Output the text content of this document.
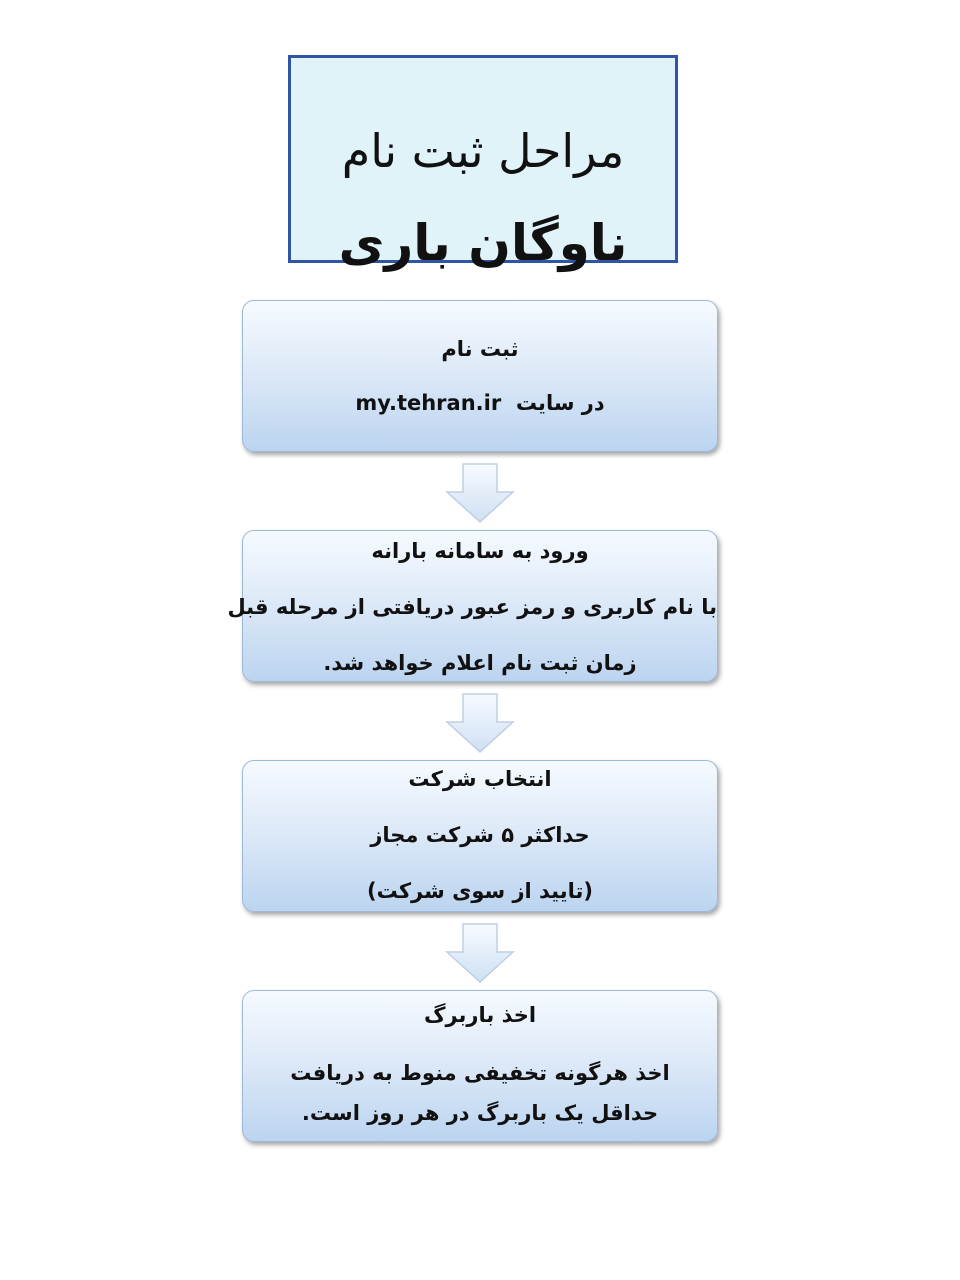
مراحل ثبت نام
ناوگان باری
ثبت نام
در سایت  my.tehran.ir
ورود به سامانه بارانه
با نام کاربری و رمز عبور دریافتی از مرحله قبل
زمان ثبت نام اعلام خواهد شد.
انتخاب شرکت
حداکثر ۵ شرکت مجاز
(تایید از سوی شرکت)
اخذ باربرگ
اخذ هرگونه تخفیفی منوط به دریافت
حداقل یک باربرگ در هر روز است.
